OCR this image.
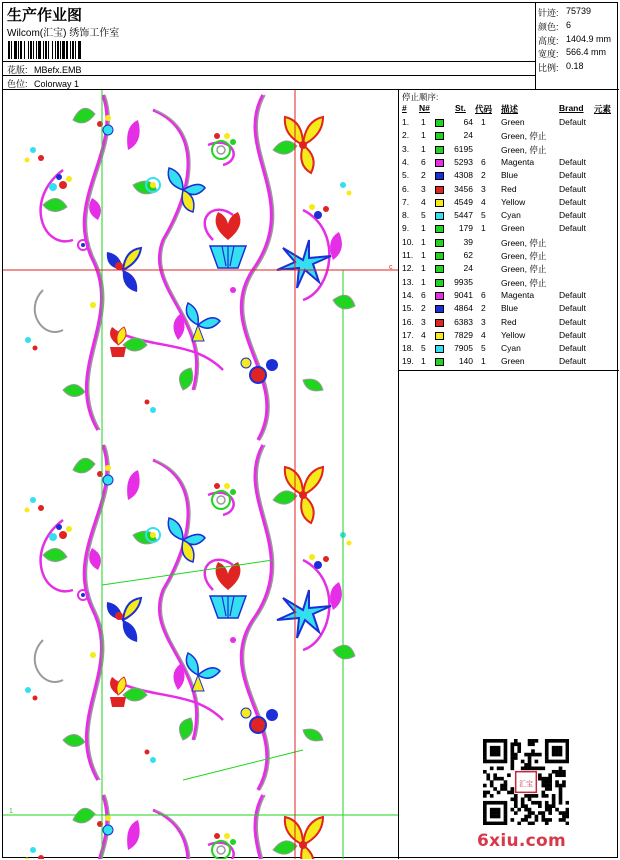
生产作业图
Wilcom(汇宝) 绣饰工作室
花版: MBefx.EMB
色位: Colorway 1
针迹: 75739
颜色: 6
高度: 1404.9 mm
宽度: 566.4 mm
比例: 0.18
1
c
停止顺序:
# N#	St. 代码 描述	Brand 元素
1. 1	64 1 Green	Default
2. 1	24	Green, 停止
3. 1	6195	Green, 停止
4. 6	5293 6 Magenta	Default
5. 2	4308 2 Blue	Default
6. 3	3456 3 Red	Default
7. 4	4549 4 Yellow	Default
8. 5	5447 5 Cyan	Default
9. 1	179 1 Green	Default
10. 1	39	Green, 停止
11. 1	62	Green, 停止
12. 1	24	Green, 停止
13. 1	9935	Green, 停止
14. 6	9041 6 Magenta	Default
15. 2	4864 2 Blue	Default
16. 3	6383 3 Red	Default
17. 4	7829 4 Yellow	Default
18. 5	7905 5 Cyan	Default
19. 1	140 1 Green	Default
汇宝
6xiu.com
